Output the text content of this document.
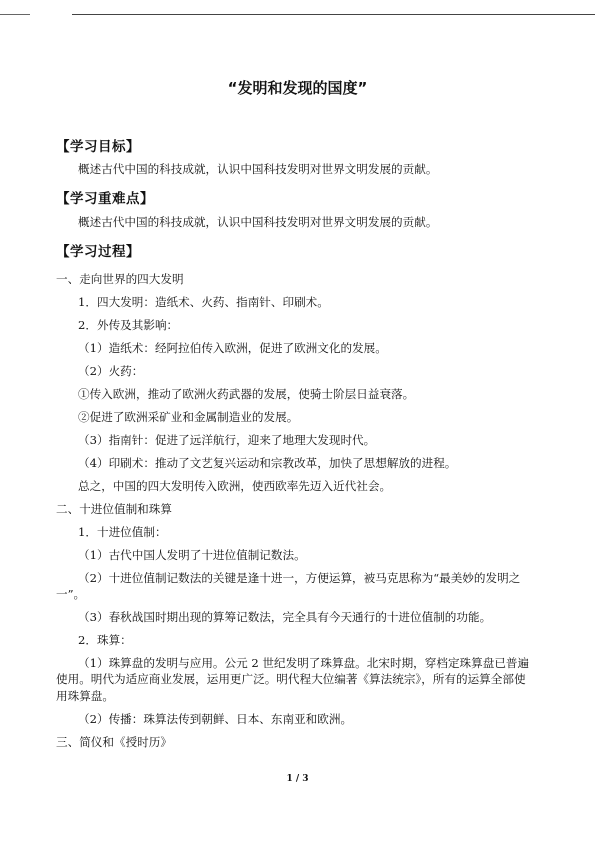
“发明和发现的国度”
【学习目标】
概述古代中国的科技成就，认识中国科技发明对世界文明发展的贡献。
【学习重难点】
概述古代中国的科技成就，认识中国科技发明对世界文明发展的贡献。
【学习过程】
一、走向世界的四大发明
1．四大发明：造纸术、火药、指南针、印刷术。
2．外传及其影响：
（1）造纸术：经阿拉伯传入欧洲，促进了欧洲文化的发展。
（2）火药：
①传入欧洲，推动了欧洲火药武器的发展，使骑士阶层日益衰落。
②促进了欧洲采矿业和金属制造业的发展。
（3）指南针：促进了远洋航行，迎来了地理大发现时代。
（4）印刷术：推动了文艺复兴运动和宗教改革，加快了思想解放的进程。
总之，中国的四大发明传入欧洲，使西欧率先迈入近代社会。
二、十进位值制和珠算
1．十进位值制：
（1）古代中国人发明了十进位值制记数法。
（2）十进位值制记数法的关键是逢十进一，方便运算，被马克思称为“最美妙的发明之
一”。
（3）春秋战国时期出现的算筹记数法，完全具有今天通行的十进位值制的功能。
2．珠算：
（1）珠算盘的发明与应用。公元 2 世纪发明了珠算盘。北宋时期，穿档定珠算盘已普遍
使用。明代为适应商业发展，运用更广泛。明代程大位编著《算法统宗》，所有的运算全部使
用珠算盘。
（2）传播：珠算法传到朝鲜、日本、东南亚和欧洲。
三、简仪和《授时历》
1 / 3
